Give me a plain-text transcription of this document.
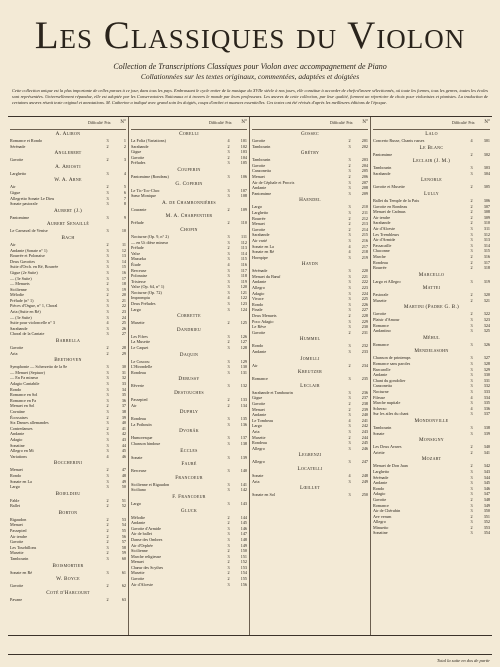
Les Classiques du Violon
Collection de Transcriptions Classiques pour Violon avec accompagnement de Piano
Collationnées sur les textes originaux, commentées, adaptées et doigtées
Cette collection unique est la plus importante de celles parues à ce jour, dans tous les pays. Embrassant le cycle entier de la musique du XVIIe siècle à nos jours, elle constitue à accorder de chefs-d'œuvre sélectionnés, où toute les formes, tous les genres, toutes les écoles sont représentées. Universellement répandue, elle est adoptée par les Conservatoires Nationaux et à travers le monde par leurs professeurs. Les œuvres de cette collection, par leur qualité, forment un répertoire de choix pour violonistes et pianistes. La traduction de certaines œuvres réunit texte original et annotations. M. Catherine a indiqué avec grand soin les doigtés, coups d'archet et nuances essentielles. Ces textes ont été révisés d'après les meilleures éditions de l'époque.
Difficulté Prix	N°
A. Aliron
Romance et Rondo	3	1
Sérénade	2	2
Anglebert
Gavotte	2	3
A. Ariosti
Larghetto	3	4
W. A. Arne
Air	2	5
Gigue	3	6
Allegretto Sonate Le Dieu	3	7
Sonate pastorale	3	8
Aubert (J.)
Pantomime	3	9
Aubert Senaillé
Le Carnaval de Venise	3	10
Bach
Air	2	11
Andante (Sonate n° 1)	3	12
Bourrée et Polonaise	3	13
Deux Gavottes	3	14
Suite d'Orch. en Ré, Bourrée	3	15
Gigue (2e Suite)	3	16
— (3e Suite)	3	17
— Menuets	2	18
Sicilienne	3	19
Mélodie	2	20
Prélude (n° 1)	3	21
Pièces d'Orgue, n° 1, Choral	3	22
Aria (Suite en Ré)	3	23
— (3e Suite)	3	24
Suite pour violoncelle n° 3	4	25
Sarabande	3	26
Choral de la Cantate	3	27
Barbella
Gavotte	2	28
Aria	2	29
Beethoven
Symphonie — Scherzetto de la 8e	3	30
— Menuet (Septuor)	3	31
— En Fa mineur	3	32
Adagio Cantabile	3	33
Rondo	3	34
Romance en Sol	3	35
Romance en Fa	3	36
Menuet en Sol	2	37
Cavatine	3	38
Écossaises	2	39
Six Danses allemandes	3	40
Contredanses	2	41
Andante	3	42
Adagio	3	43
Sonatine	3	44
Allegro en Mi	3	45
Variations	4	46
Boccherini
Menuet	2	47
Rondo	3	48
Sonate en La	3	49
Largo	3	50
Boieldieu
Fable	2	51
Ballet	2	52
Borton
Rigaudon	2	53
Menuet	2	54
Passepied	2	55
Air tendre	2	56
Gavotte	2	57
Les Tourbillons	3	58
Musette	2	59
Tambourin	3	60
Boismortier
Sonate en Ré	3	61
W. Boyce
Gavotte	2	62
Coté d'Harcourt
Pavane	2	63
Difficulté Prix	N°
Corelli
La Folia (Variations)	4	101
Sarabande	2	102
Gigue	3	103
Gavotte	2	104
Préludes	3	105
Couperin
Pantomime (Rondeau)	3	106
G. Coperin
Le Tic-Toc-Choc	3	107
Sœur Monique	3	108
A. de Chambonnières
Courante	2	109
M. A. Charpentier
Prélude	2	110
Chopin
Nocturne (Op. 9, n° 2)	3	111
— en Ut dièse mineur	3	112
Prélude	2	113
Valse	3	114
Mazurka	3	115
Étude	4	116
Berceuse	3	117
Polonaise	3	118
Tristesse	3	119
Valse (Op. 64, n° 1)	3	120
Nocturne (Op. 72)	3	121
Impromptu	4	122
Deux Préludes	3	123
Largo	3	124
Corrette
Musette	2	125
Dandrieu
Les Fifres	3	126
La Musette	2	127
Le Caquet	3	128
Daquin
Le Coucou	3	129
L'Hirondelle	3	130
Rondeau	3	131
Debussy
Rêverie	3	132
Destouches
Passepied	2	133
Air	2	134
Duphly
Rondeau	3	135
La Pothouïn	3	136
Dvorák
Humoresque	3	137
Chanson hindoue	3	138
Eccles
Sonate	3	139
Fauré
Berceuse	3	140
Francoeur
Sicilienne et Rigaudon	3	141
Siciliano	3	142
F. Francoeur
Largo	3	143
Gluck
Mélodie	2	144
Andante	2	145
Gavotte d'Armide	3	146
Air de ballet	3	147
Danse des Ombres	3	148
Air d'Orphée	3	149
Sicilienne	2	150
Marche religieuse	3	151
Menuet	2	152
Chœur des Scythes	3	153
Musette	2	154
Gavotte	2	155
Air d'Alceste	3	156
Difficulté Prix	N°
Gossec
Gavotte	2	201
Tambourin	3	202
Grétry
Tambourin	3	203
Gavotte	2	204
Canzonetta	3	205
Menuet	2	206
Air de Céphale et Procris	3	207
Andante	3	208
Pantomime	3	209
Haendel
Largo	3	210
Larghetto	3	211
Bourrée	2	212
Menuet	2	213
Gavotte	2	214
Sarabande	3	215
Air varié	3	216
Sonate en La	4	217
Sonate en Ré	4	218
Hornpipe	3	219
Haydn
Sérénade	3	220
Menuet du Bœuf	3	221
Andante	3	222
Allegro	3	223
Adagio	3	224
Vivace	3	225
Rondo	3	226
Finale	3	227
Deux Menuets	2	228
Poco Adagio	3	229
Le Rêve	3	230
Gavotte	2	231
Hummel
Rondo	3	232
Andante	3	233
Jomelli
Air	2	234
Kreutzer
Romance	3	235
Leclair
Sarabande et Tambourin	3	236
Gigue	3	237
Gavotte	2	238
Menuet	2	239
Andante	3	240
Le Tombeau	4	241
Largo	3	242
Aria	3	243
Musette	2	244
Rondeau	3	245
Allegro	3	246
Legrenzi
Allegro	3	247
Locatelli
Sonate	4	248
Aria	3	249
Lœillet
Sonate en Sol	3	250
Difficulté Prix	N°
Lalo
Concerto Russe, Chants russes	4	301
Le Blanc
Pantomime	2	302
Leclair (J. M.)
Tambourin	3	303
Sarabande	3	304
Lenoble
Gavotte et Musette	2	305
Lully
Ballet du Temple de la Paix	2	306
Gavotte en Rondeau	2	307
Menuet de Cadmus	2	308
Air tendre	2	309
Sarabande	2	310
Air d'Alceste	3	311
Les Trembleurs	3	312
Air d'Armide	3	313
Passacaille	3	314
Chaconne	3	315
Marche	2	316
Rondeau	2	317
Bourrée	2	318
Marcello
Largo et Allegro	3	319
Mattei
Pastorale	2	320
Musette	2	321
Martini (Padre G. B.)
Gavotte	2	322
Plaisir d'Amour	3	323
Romance	3	324
Andantino	3	325
Méhul
Romance	3	326
Mendelssohn
Chanson de printemps	3	327
Romance sans paroles	3	328
Barcarolle	3	329
Andante	3	330
Chant du gondolier	3	331
Canzonetta	3	332
Nocturne	3	333
Fileuse	4	334
Marche nuptiale	3	335
Scherzo	4	336
Sur les ailes du chant	3	337
Mondonville
Tambourin	3	338
Sonate	3	339
Monsigny
Les Deux Avares	2	340
Ariette	2	341
Mozart
Menuet de Don Juan	2	342
Larghetto	3	343
Sérénade	3	344
Andante	3	345
Rondo	3	346
Adagio	3	347
Gavotte	2	348
Romance	3	349
Air de Chérubin	3	350
Ave verum	2	351
Allegro	3	352
Minuetto	2	353
Sonatine	3	354
Total la suite en dos de partir
